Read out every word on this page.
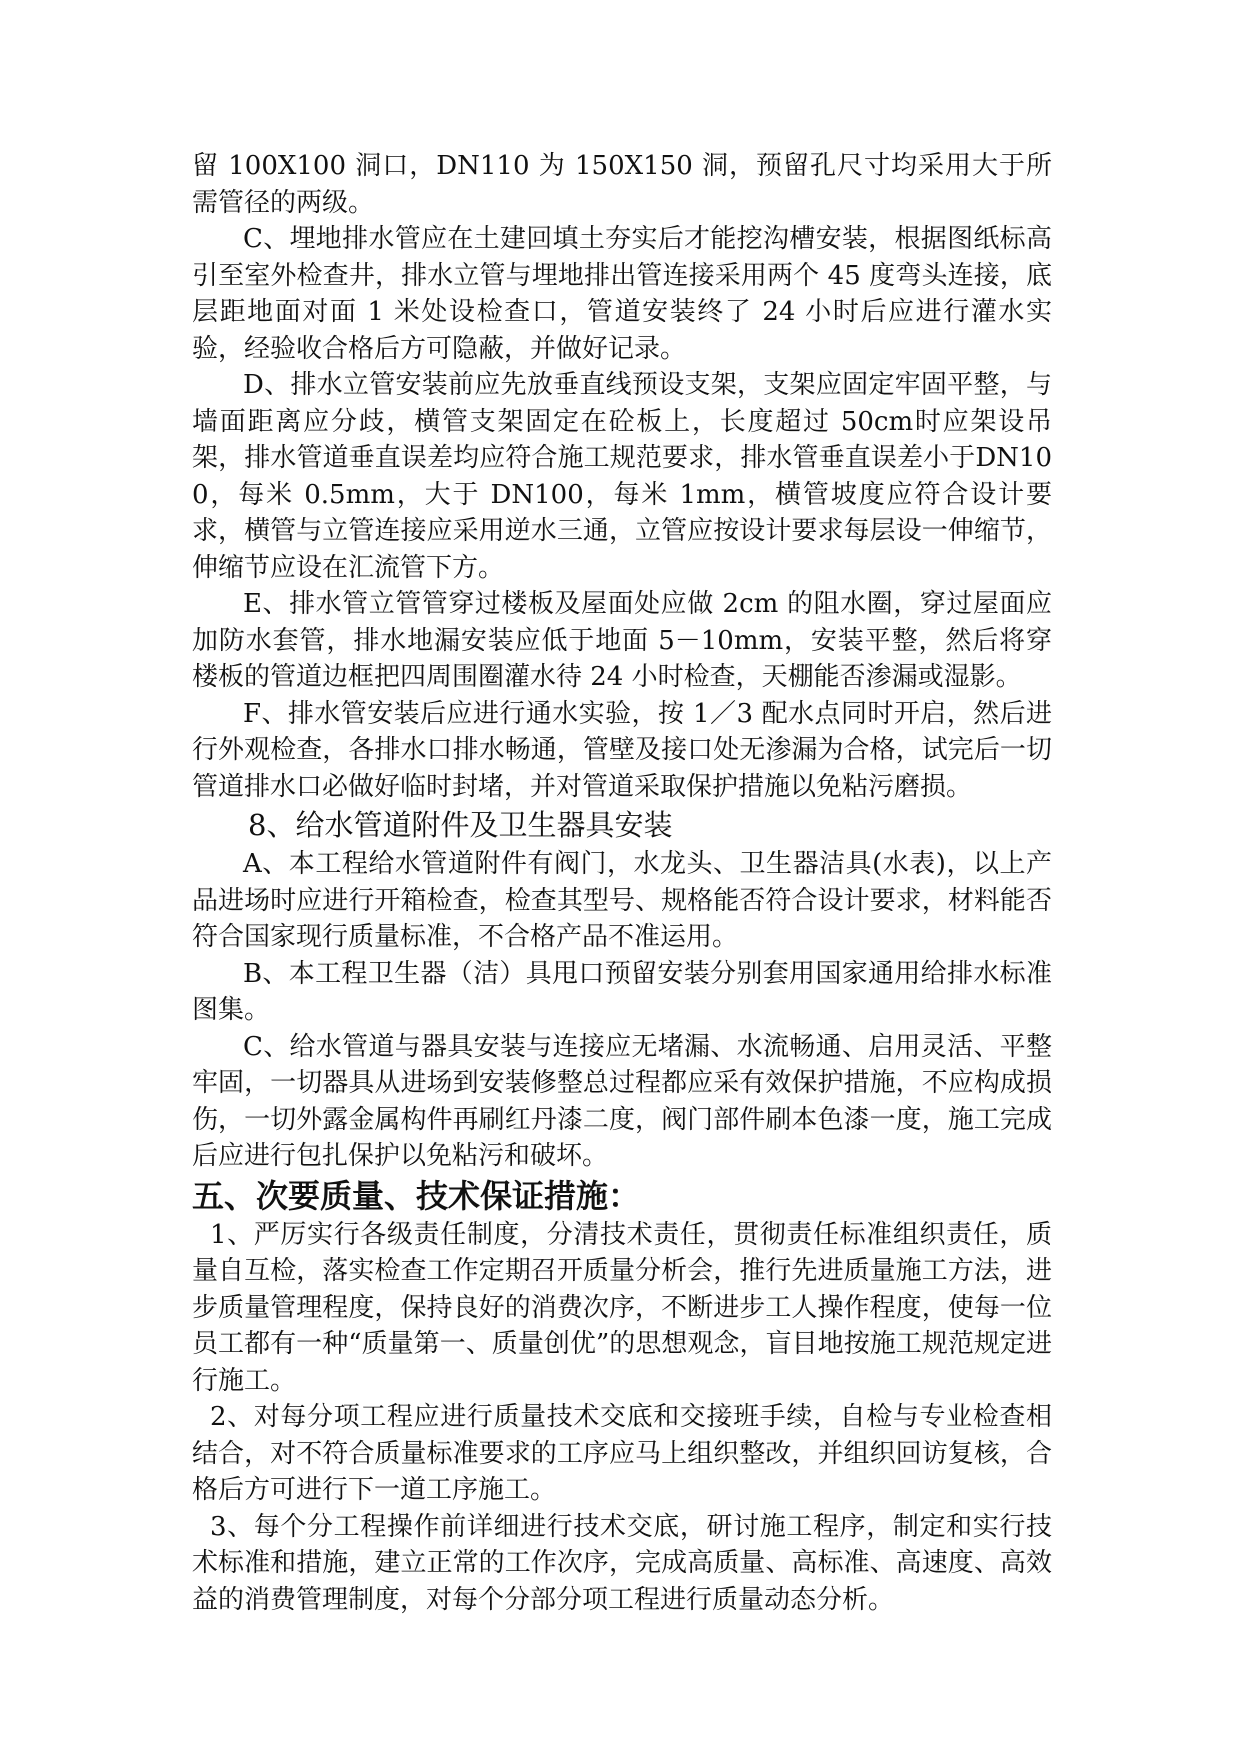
留 100X100 洞口，DN110 为 150X150 洞，预留孔尺寸均采用大于所需管径的两级。

C、埋地排水管应在土建回填土夯实后才能挖沟槽安装，根据图纸标高引至室外检查井，排水立管与埋地排出管连接采用两个 45 度弯头连接，底层距地面对面 1 米处设检查口，管道安装终了 24 小时后应进行灌水实验，经验收合格后方可隐蔽，并做好记录。

D、排水立管安装前应先放垂直线预设支架，支架应固定牢固平整，与墙面距离应分歧，横管支架固定在砼板上，长度超过 50cm时应架设吊架，排水管道垂直误差均应符合施工规范要求，排水管垂直误差小于DN100，每米 0.5mm，大于 DN100，每米 1mm，横管坡度应符合设计要求，横管与立管连接应采用逆水三通，立管应按设计要求每层设一伸缩节，伸缩节应设在汇流管下方。

E、排水管立管管穿过楼板及屋面处应做 2cm 的阻水圈，穿过屋面应加防水套管，排水地漏安装应低于地面 5－10mm，安装平整，然后将穿楼板的管道边框把四周围圈灌水待 24 小时检查，天棚能否渗漏或湿影。

F、排水管安装后应进行通水实验，按 1／3 配水点同时开启，然后进行外观检查，各排水口排水畅通，管壁及接口处无渗漏为合格，试完后一切管道排水口必做好临时封堵，并对管道采取保护措施以免粘污磨损。

8、给水管道附件及卫生器具安装

A、本工程给水管道附件有阀门，水龙头、卫生器洁具(水表)，以上产品进场时应进行开箱检查，检查其型号、规格能否符合设计要求，材料能否符合国家现行质量标准，不合格产品不准运用。

B、本工程卫生器（洁）具甩口预留安装分别套用国家通用给排水标准图集。

C、给水管道与器具安装与连接应无堵漏、水流畅通、启用灵活、平整牢固，一切器具从进场到安装修整总过程都应采有效保护措施，不应构成损伤，一切外露金属构件再刷红丹漆二度，阀门部件刷本色漆一度，施工完成后应进行包扎保护以免粘污和破坏。

五、次要质量、技术保证措施：

1、严厉实行各级责任制度，分清技术责任，贯彻责任标准组织责任，质量自互检，落实检查工作定期召开质量分析会，推行先进质量施工方法，进步质量管理程度，保持良好的消费次序，不断进步工人操作程度，使每一位员工都有一种“质量第一、质量创优”的思想观念，盲目地按施工规范规定进行施工。

2、对每分项工程应进行质量技术交底和交接班手续，自检与专业检查相结合，对不符合质量标准要求的工序应马上组织整改，并组织回访复核，合格后方可进行下一道工序施工。

3、每个分工程操作前详细进行技术交底，研讨施工程序，制定和实行技术标准和措施，建立正常的工作次序，完成高质量、高标准、高速度、高效益的消费管理制度，对每个分部分项工程进行质量动态分析。
